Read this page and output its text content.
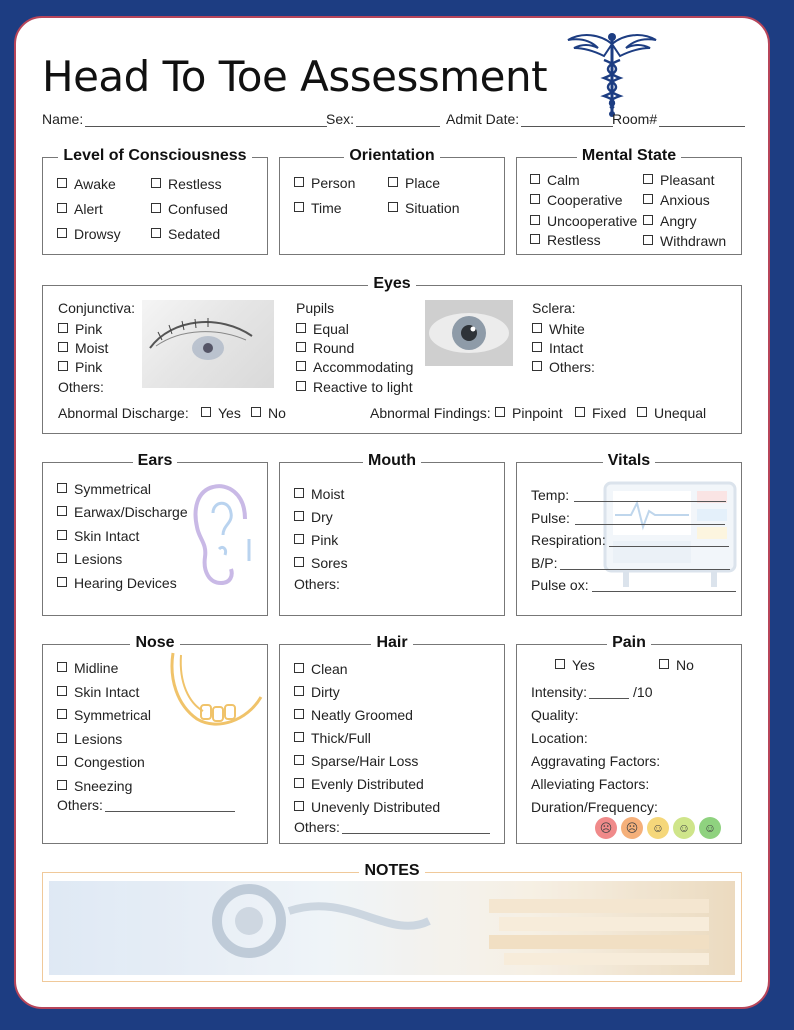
Head To Toe Assessment
Name:	Sex:	Admit Date:	Room#
Level of Consciousness
Awake	Restless
Alert	Confused
Drowsy	Sedated
Orientation
Person	Place
Time	Situation
Mental State
Calm	Pleasant
Cooperative	Anxious
Uncooperative	Angry
Restless	Withdrawn
Eyes
Conjunctiva:
Pink
Moist
Pink
Others:
Pupils
Equal
Round
Accommodating
Reactive to light
Sclera:
White
Intact
Others:
Abnormal Discharge:	Yes	No	Abnormal Findings:	Pinpoint	Fixed	Unequal
Ears
Symmetrical
Earwax/Discharge
Skin Intact
Lesions
Hearing Devices
Mouth
Moist
Dry
Pink
Sores
Others:
Vitals
Temp:
Pulse:
Respiration:
B/P:
Pulse ox:
Nose
Midline
Skin Intact
Symmetrical
Lesions
Congestion
Sneezing
Others:
Hair
Clean
Dirty
Neatly Groomed
Thick/Full
Sparse/Hair Loss
Evenly Distributed
Unevenly Distributed
Others:
Pain
Yes	No
Intensity:	/10
Quality:
Location:
Aggravating Factors:
Alleviating Factors:
Duration/Frequency:
☹	☹	☺	☺	☺
NOTES
